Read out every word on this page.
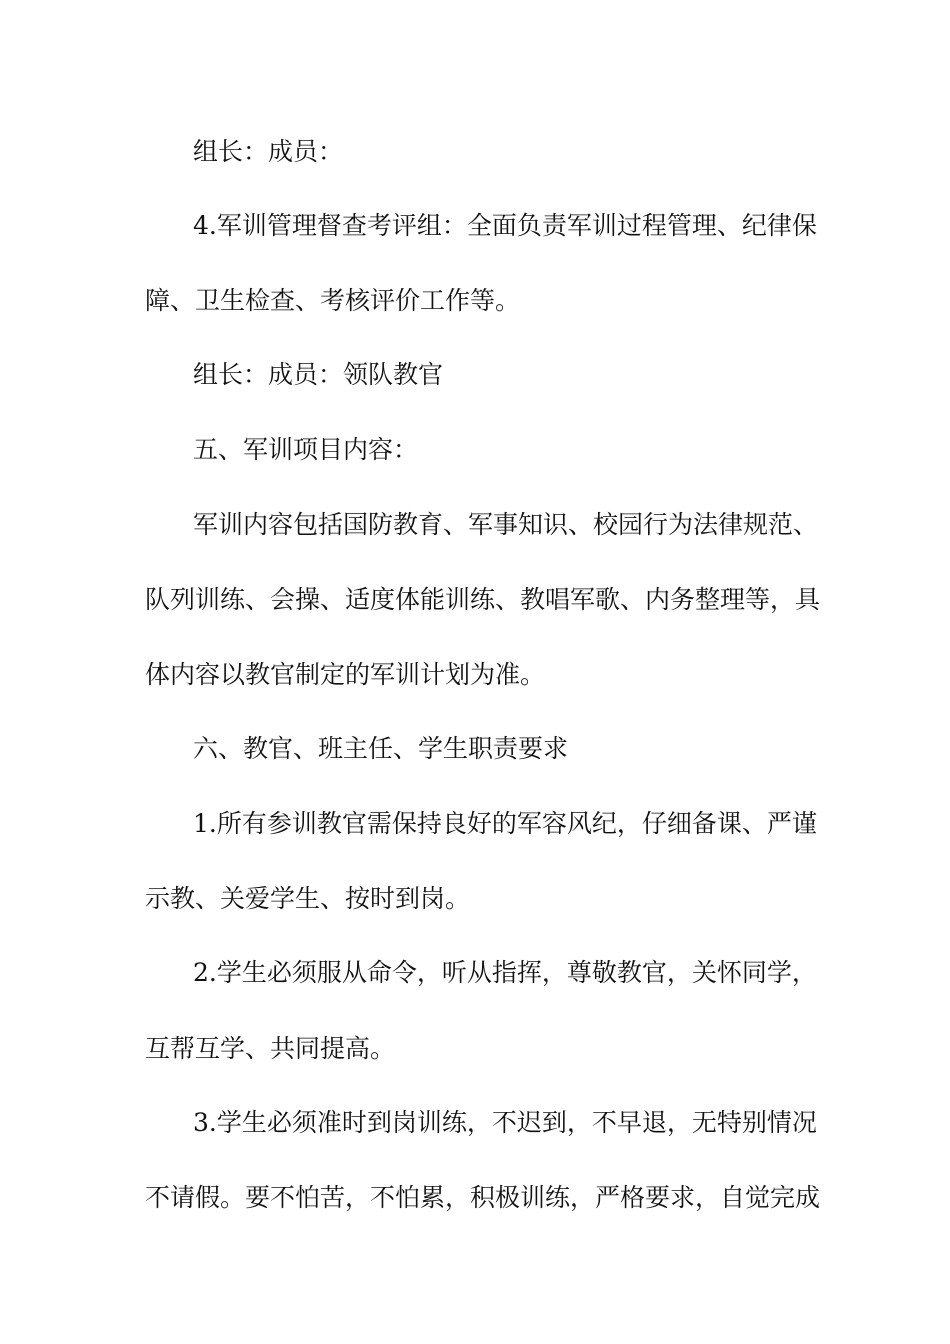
组长：成员：
4.军训管理督查考评组：全面负责军训过程管理、纪律保
障、卫生检查、考核评价工作等。
组长：成员：领队教官
五、军训项目内容：
军训内容包括国防教育、军事知识、校园行为法律规范、
队列训练、会操、适度体能训练、教唱军歌、内务整理等，具
体内容以教官制定的军训计划为准。
六、教官、班主任、学生职责要求
1.所有参训教官需保持良好的军容风纪，仔细备课、严谨
示教、关爱学生、按时到岗。
2.学生必须服从命令，听从指挥，尊敬教官，关怀同学，
互帮互学、共同提高。
3.学生必须准时到岗训练，不迟到，不早退，无特别情况
不请假。要不怕苦，不怕累，积极训练，严格要求，自觉完成
